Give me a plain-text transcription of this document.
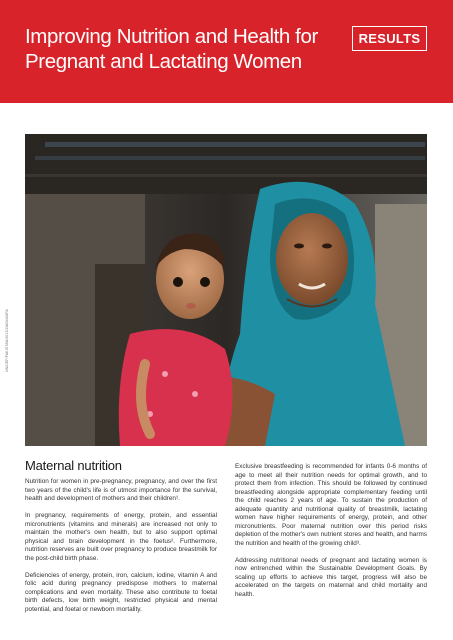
Improving Nutrition and Health for Pregnant and Lactating Women
RESULTS
UNICEF/PAKISTAN/2013/ZAIDI/ADPA
Maternal nutrition

Nutrition for women in pre-pregnancy, pregnancy, and over the first two years of the child's life is of utmost importance for the survival, health and development of mothers and their children¹.

In pregnancy, requirements of energy, protein, and essential micronutrients (vitamins and minerals) are increased not only to maintain the mother's own health, but to also support optimal physical and brain development in the foetus². Furthermore, nutrition reserves are built over pregnancy to produce breastmilk for the post-child birth phase.

Deficiencies of energy, protein, iron, calcium, iodine, vitamin A and folic acid during pregnancy predispose mothers to maternal complications and even mortality. These also contribute to foetal birth defects, low birth weight, restricted physical and mental potential, and foetal or newborn mortality.

Exclusive breastfeeding is recommended for infants 0-6 months of age to meet all their nutrition needs for optimal growth, and to protect them from infection. This should be followed by continued breastfeeding alongside appropriate complementary feeding until the child reaches 2 years of age. To sustain the production of adequate quantity and nutritional quality of breastmilk, lactating women have higher requirements of energy, protein, and other micronutrients. Poor maternal nutrition over this period risks depletion of the mother's own nutrient stores and health, and harms the nutrition and health of the growing child³.

Addressing nutritional needs of pregnant and lactating women is now entrenched within the Sustainable Development Goals. By scaling up efforts to achieve this target, progress will also be accelerated on the targets on maternal and child mortality and health.
